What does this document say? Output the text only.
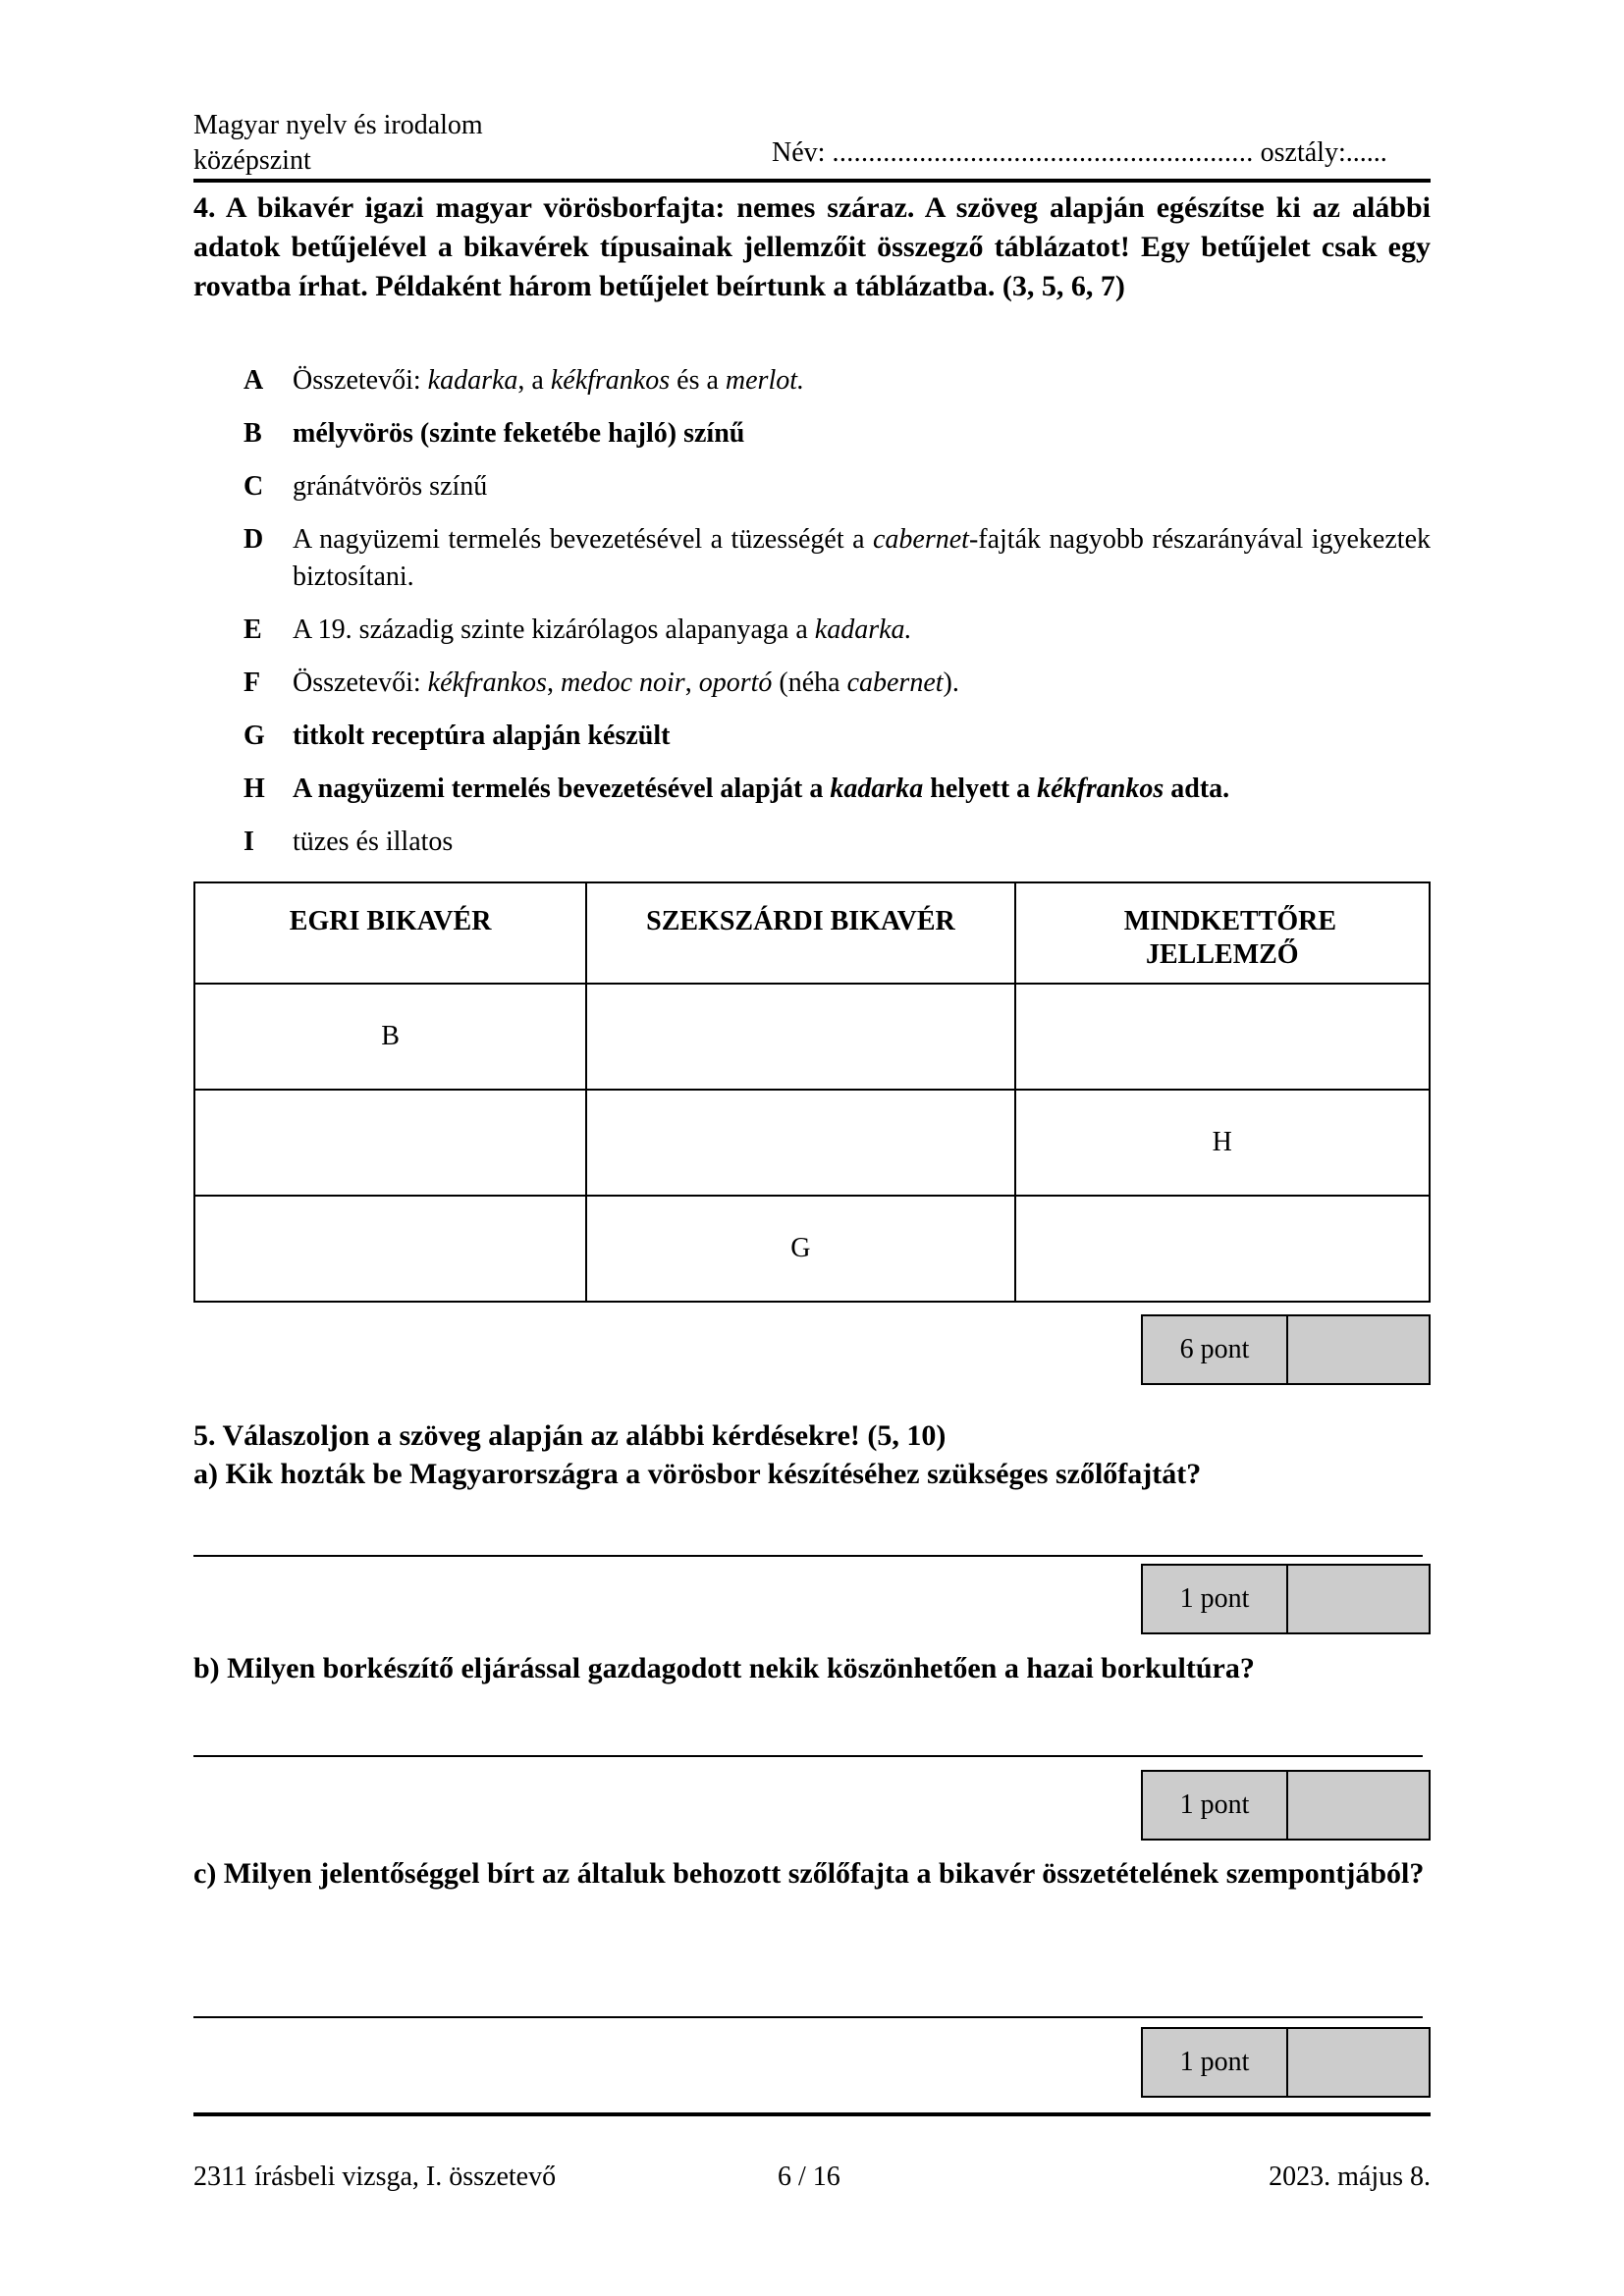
Magyar nyelv és irodalom
középszint	Név: .......................................................... osztály:......
4. A bikavér igazi magyar vörösborfajta: nemes száraz. A szöveg alapján egészítse ki az alábbi adatok betűjelével a bikavérek típusainak jellemzőit összegző táblázatot! Egy betűjelet csak egy rovatba írhat. Példaként három betűjelet beírtunk a táblázatba. (3, 5, 6, 7)
A	Összetevői: kadarka, a kékfrankos és a merlot.
B	mélyvörös (szinte feketébe hajló) színű
C	gránátvörös színű
D	A nagyüzemi termelés bevezetésével a tüzességét a cabernet-fajták nagyobb részarányával igyekeztek biztosítani.
E	A 19. századig szinte kizárólagos alapanyaga a kadarka.
F	Összetevői: kékfrankos, medoc noir, oportó (néha cabernet).
G	titkolt receptúra alapján készült
H	A nagyüzemi termelés bevezetésével alapját a kadarka helyett a kékfrankos adta.
I	tüzes és illatos
EGRI BIKAVÉR	SZEKSZÁRDI BIKAVÉR	MINDKETTŐRE JELLEMZŐ

B		
		H
	G	
6 pont
5. Válaszoljon a szöveg alapján az alábbi kérdésekre! (5, 10)
a) Kik hozták be Magyarországra a vörösbor készítéséhez szükséges szőlőfajtát?
1 pont
b) Milyen borkészítő eljárással gazdagodott nekik köszönhetően a hazai borkultúra?
1 pont
c) Milyen jelentőséggel bírt az általuk behozott szőlőfajta a bikavér összetételének szempontjából?
1 pont
2311 írásbeli vizsga, I. összetevő	6 / 16	2023. május 8.
